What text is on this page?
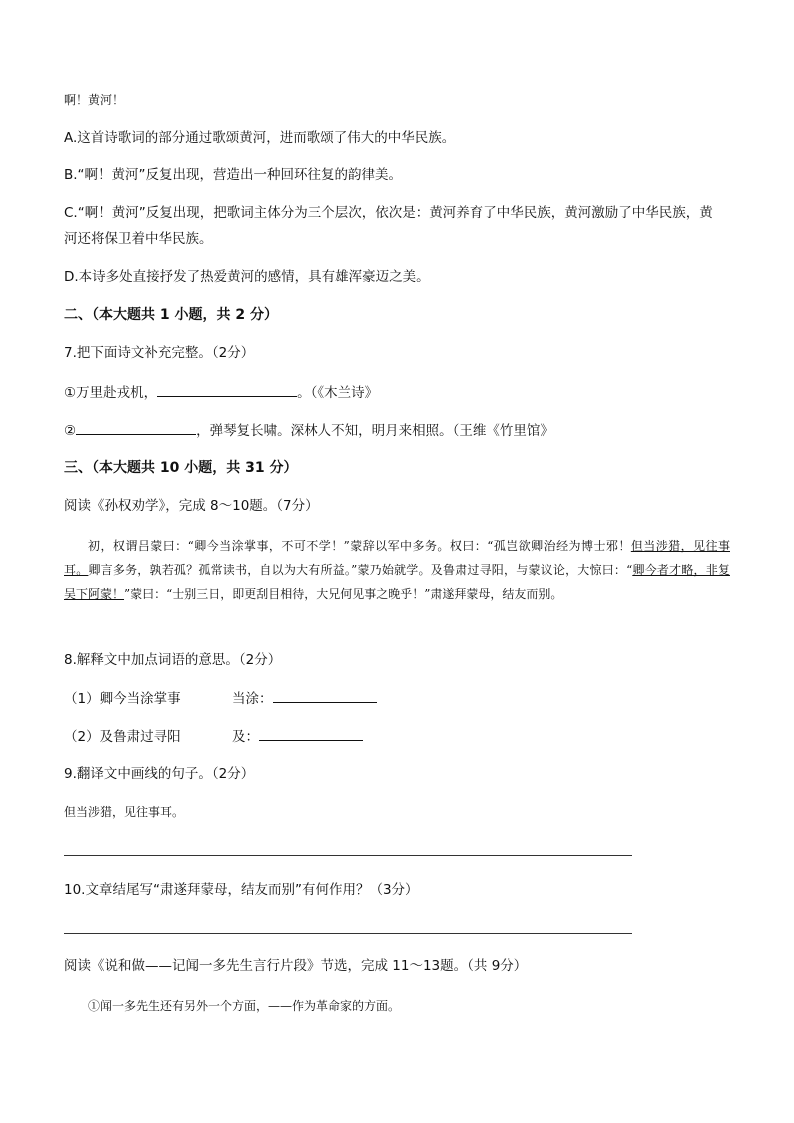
啊！黄河！
A.这首诗歌词的部分通过歌颂黄河，进而歌颂了伟大的中华民族。
B.“啊！黄河”反复出现，营造出一种回环往复的韵律美。
C.“啊！黄河”反复出现，把歌词主体分为三个层次，依次是：黄河养育了中华民族，黄河激励了中华民族，黄
河还将保卫着中华民族。
D.本诗多处直接抒发了热爱黄河的感情，具有雄浑豪迈之美。
二、（本大题共 1 小题，共 2 分）
7.把下面诗文补充完整。（2分）
①万里赴戎机，	。（《木兰诗》
②	，弹琴复长啸。深林人不知，明月来相照。（王维《竹里馆》
三、（本大题共 10 小题，共 31 分）
阅读《孙权劝学》，完成 8～10题。（7分）
初，权谓吕蒙曰：“卿今当涂掌事，不可不学！”蒙辞以军中多务。权曰：“孤岂欲卿治经为博士邪！但当涉猎，见往事耳。卿言多务，孰若孤？孤常读书，自以为大有所益。”蒙乃始就学。及鲁肃过寻阳，与蒙议论，大惊曰：“卿今者才略，非复吴下阿蒙！”蒙曰：“士别三日，即更刮目相待，大兄何见事之晚乎！”肃遂拜蒙母，结友而别。
8.解释文中加点词语的意思。（2分）
（1）卿今当涂掌事	当涂：
（2）及鲁肃过寻阳	及：
9.翻译文中画线的句子。（2分）
但当涉猎，见往事耳。
10.文章结尾写“肃遂拜蒙母，结友而别”有何作用？（3分）
阅读《说和做——记闻一多先生言行片段》节选，完成 11～13题。（共 9分）
①闻一多先生还有另外一个方面，——作为革命家的方面。
